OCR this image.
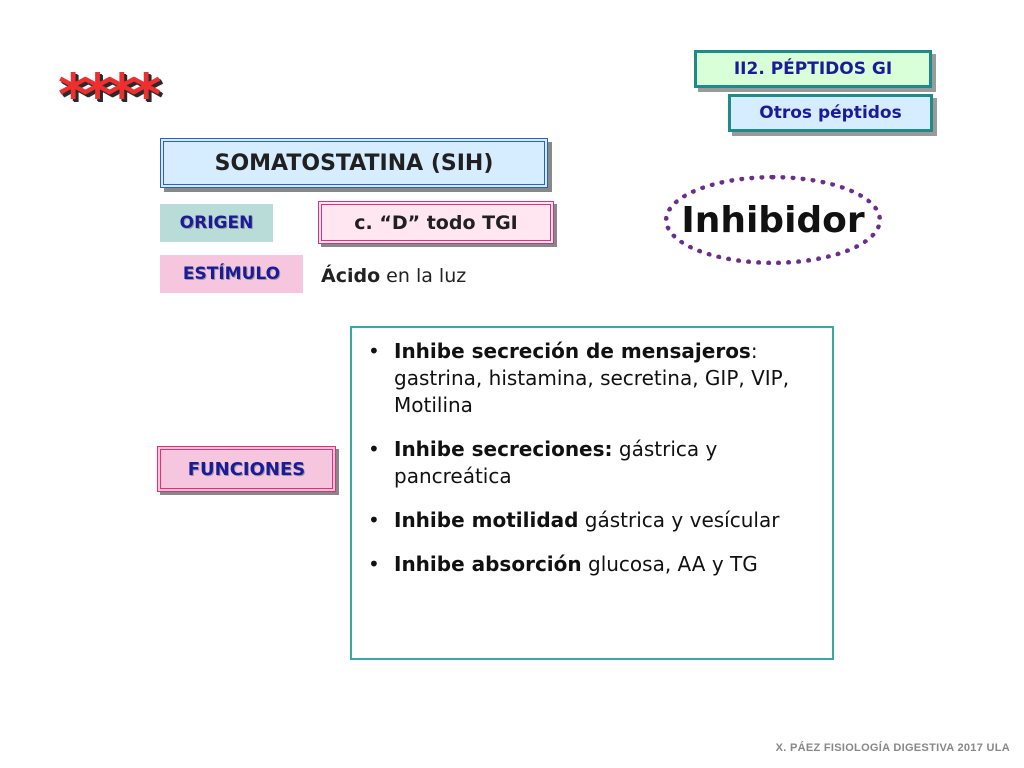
****	II2. PÉPTIDOS GI
Otros péptidos
SOMATOSTATINA (SIH)
ORIGEN	c. “D” todo TGI
ESTÍMULO	Ácido en la luz
Inhibidor
FUNCIONES
• Inhibe secreción de mensajeros: gastrina, histamina, secretina, GIP, VIP, Motilina
• Inhibe secreciones: gástrica y pancreática
• Inhibe motilidad gástrica y vesícular
• Inhibe absorción glucosa, AA y TG
X. PÁEZ FISIOLOGÍA DIGESTIVA 2017 ULA
